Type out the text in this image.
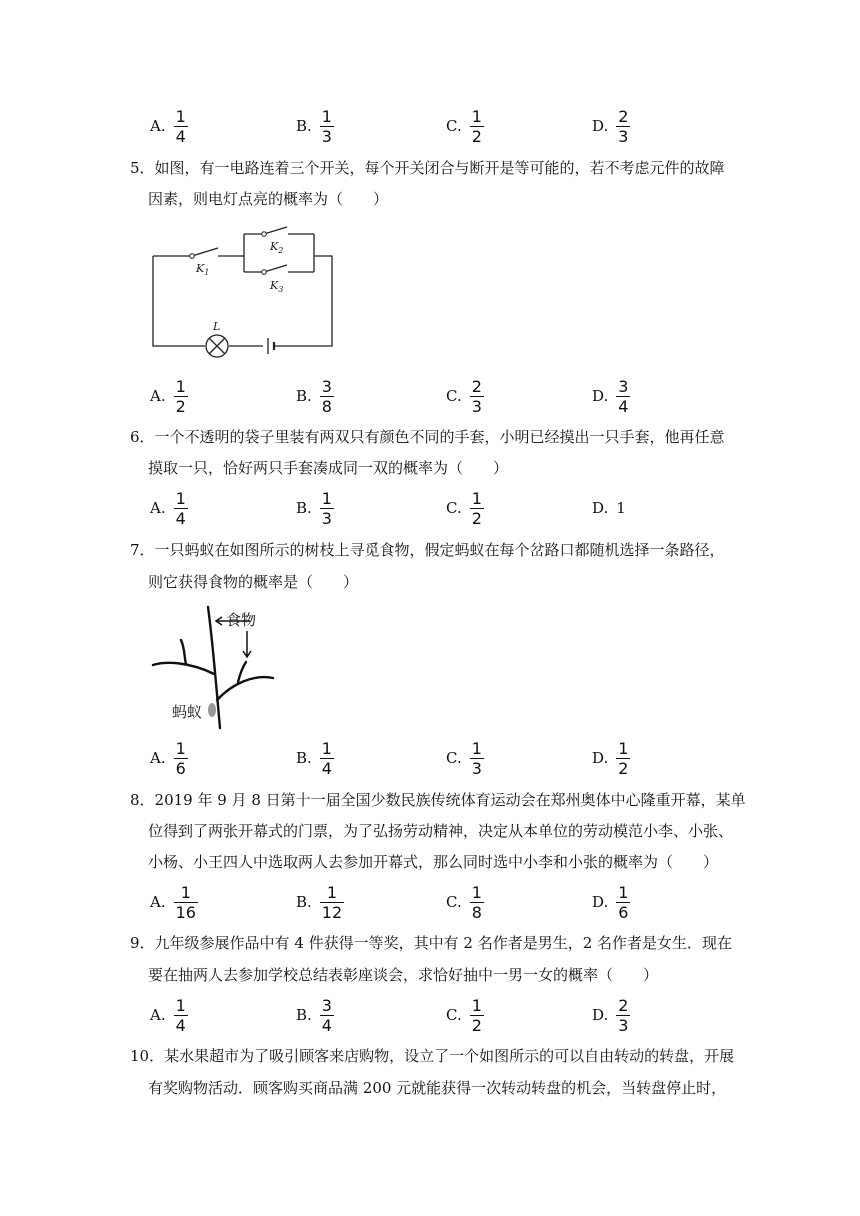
A. $\frac{1}{4}$	B. $\frac{1}{3}$	C. $\frac{1}{2}$	D. $\frac{2}{3}$
5．如图，有一电路连着三个开关，每个开关闭合与断开是等可能的，若不考虑元件的故障
因素，则电灯点亮的概率为（　　）
$K_1$
$K_2$
$K_3$
L
A. $\frac{1}{2}$	B. $\frac{3}{8}$	C. $\frac{2}{3}$	D. $\frac{3}{4}$
6．一个不透明的袋子里装有两双只有颜色不同的手套，小明已经摸出一只手套，他再任意
摸取一只，恰好两只手套凑成同一双的概率为（　　）
A. $\frac{1}{4}$	B. $\frac{1}{3}$	C. $\frac{1}{2}$	D. 1
7．一只蚂蚁在如图所示的树枝上寻觅食物，假定蚂蚁在每个岔路口都随机选择一条路径，
则它获得食物的概率是（　　）
食物
蚂蚁
A. $\frac{1}{6}$	B. $\frac{1}{4}$	C. $\frac{1}{3}$	D. $\frac{1}{2}$
8．2019 年 9 月 8 日第十一届全国少数民族传统体育运动会在郑州奥体中心隆重开幕，某单
位得到了两张开幕式的门票，为了弘扬劳动精神，决定从本单位的劳动模范小李、小张、
小杨、小王四人中选取两人去参加开幕式，那么同时选中小李和小张的概率为（　　）
A. $\frac{1}{16}$	B. $\frac{1}{12}$	C. $\frac{1}{8}$	D. $\frac{1}{6}$
9．九年级参展作品中有 4 件获得一等奖，其中有 2 名作者是男生，2 名作者是女生．现在
要在抽两人去参加学校总结表彰座谈会，求恰好抽中一男一女的概率（　　）
A. $\frac{1}{4}$	B. $\frac{3}{4}$	C. $\frac{1}{2}$	D. $\frac{2}{3}$
10．某水果超市为了吸引顾客来店购物，设立了一个如图所示的可以自由转动的转盘，开展
有奖购物活动．顾客购买商品满 200 元就能获得一次转动转盘的机会，当转盘停止时，
